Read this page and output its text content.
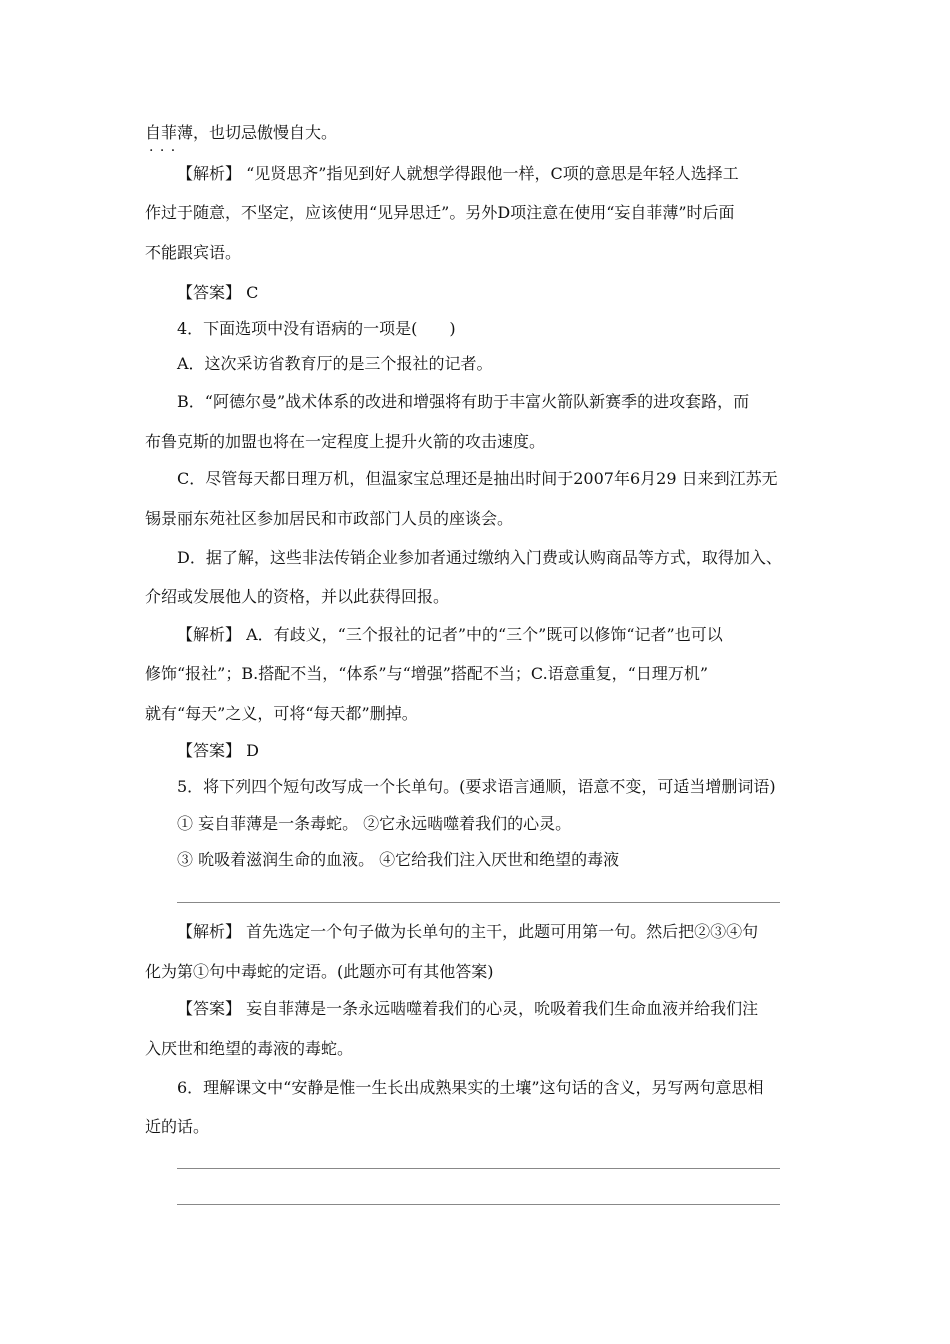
自菲薄，也切忌傲慢自大。
【解析】 “见贤思齐”指见到好人就想学得跟他一样，C项的意思是年轻人选择工
作过于随意，不坚定，应该使用“见异思迁”。另外D项注意在使用“妄自菲薄”时后面
不能跟宾语。
【答案】 C
4．下面选项中没有语病的一项是(　　)
A．这次采访省教育厅的是三个报社的记者。
B．“阿德尔曼”战术体系的改进和增强将有助于丰富火箭队新赛季的进攻套路，而
布鲁克斯的加盟也将在一定程度上提升火箭的攻击速度。
C．尽管每天都日理万机，但温家宝总理还是抽出时间于2007年6月29 日来到江苏无
锡景丽东苑社区参加居民和市政部门人员的座谈会。
D．据了解，这些非法传销企业参加者通过缴纳入门费或认购商品等方式，取得加入、
介绍或发展他人的资格，并以此获得回报。
【解析】 A．有歧义，“三个报社的记者”中的“三个”既可以修饰“记者”也可以
修饰“报社”；B.搭配不当，“体系”与“增强”搭配不当；C.语意重复，“日理万机”
就有“每天”之义，可将“每天都”删掉。
【答案】 D
5．将下列四个短句改写成一个长单句。(要求语言通顺，语意不变，可适当增删词语)
① 妄自菲薄是一条毒蛇。 ②它永远啮噬着我们的心灵。
③ 吮吸着滋润生命的血液。 ④它给我们注入厌世和绝望的毒液
【解析】 首先选定一个句子做为长单句的主干，此题可用第一句。然后把②③④句
化为第①句中毒蛇的定语。(此题亦可有其他答案)
【答案】 妄自菲薄是一条永远啮噬着我们的心灵，吮吸着我们生命血液并给我们注
入厌世和绝望的毒液的毒蛇。
6．理解课文中“安静是惟一生长出成熟果实的土壤”这句话的含义，另写两句意思相
近的话。
